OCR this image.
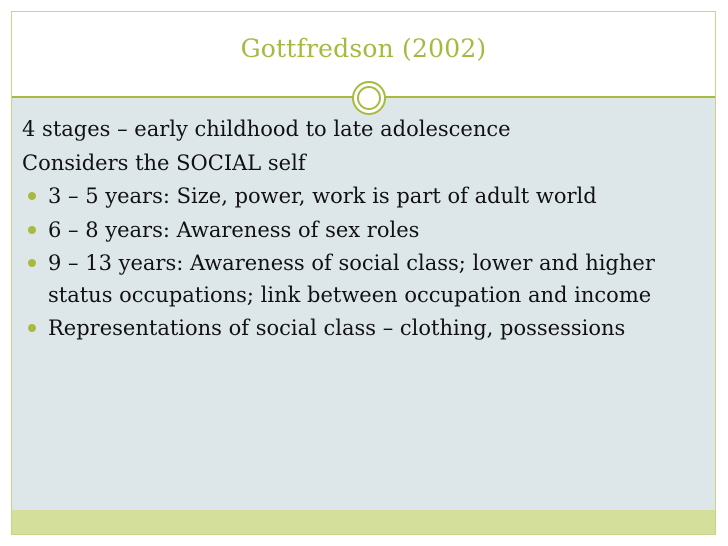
Gottfredson (2002)
4 stages – early childhood to late adolescence
Considers the SOCIAL self
3 – 5 years: Size, power, work is part of adult world
6 – 8 years: Awareness of sex roles
9 – 13 years: Awareness of social class; lower and higher status occupations; link between occupation and income
Representations of social class – clothing, possessions
